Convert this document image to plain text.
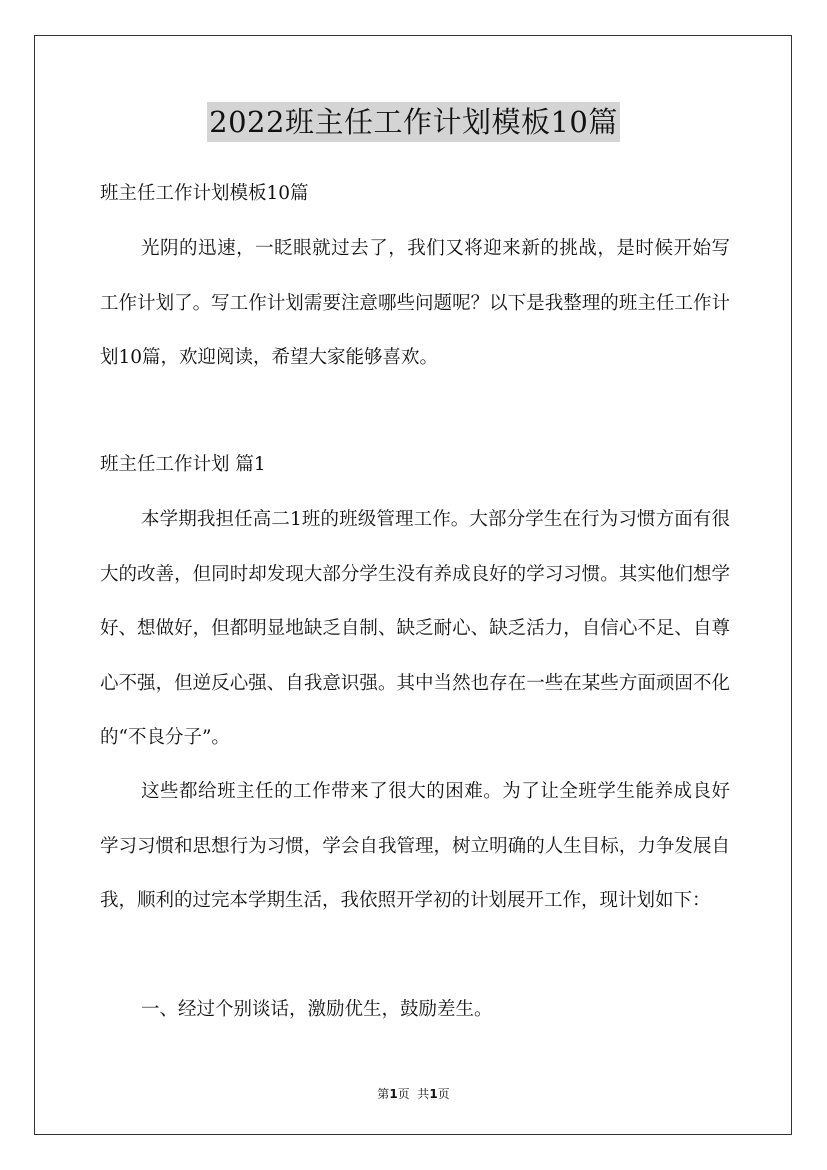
2022班主任工作计划模板10篇
班主任工作计划模板10篇

光阴的迅速，一眨眼就过去了，我们又将迎来新的挑战，是时候开始写工作计划了。写工作计划需要注意哪些问题呢？以下是我整理的班主任工作计划10篇，欢迎阅读，希望大家能够喜欢。

班主任工作计划 篇1

本学期我担任高二1班的班级管理工作。大部分学生在行为习惯方面有很大的改善，但同时却发现大部分学生没有养成良好的学习习惯。其实他们想学好、想做好，但都明显地缺乏自制、缺乏耐心、缺乏活力，自信心不足、自尊心不强，但逆反心强、自我意识强。其中当然也存在一些在某些方面顽固不化的“不良分子”。

这些都给班主任的工作带来了很大的困难。为了让全班学生能养成良好学习习惯和思想行为习惯，学会自我管理，树立明确的人生目标，力争发展自我，顺利的过完本学期生活，我依照开学初的计划展开工作，现计划如下：

一、经过个别谈话，激励优生，鼓励差生。

第1页  共1页
